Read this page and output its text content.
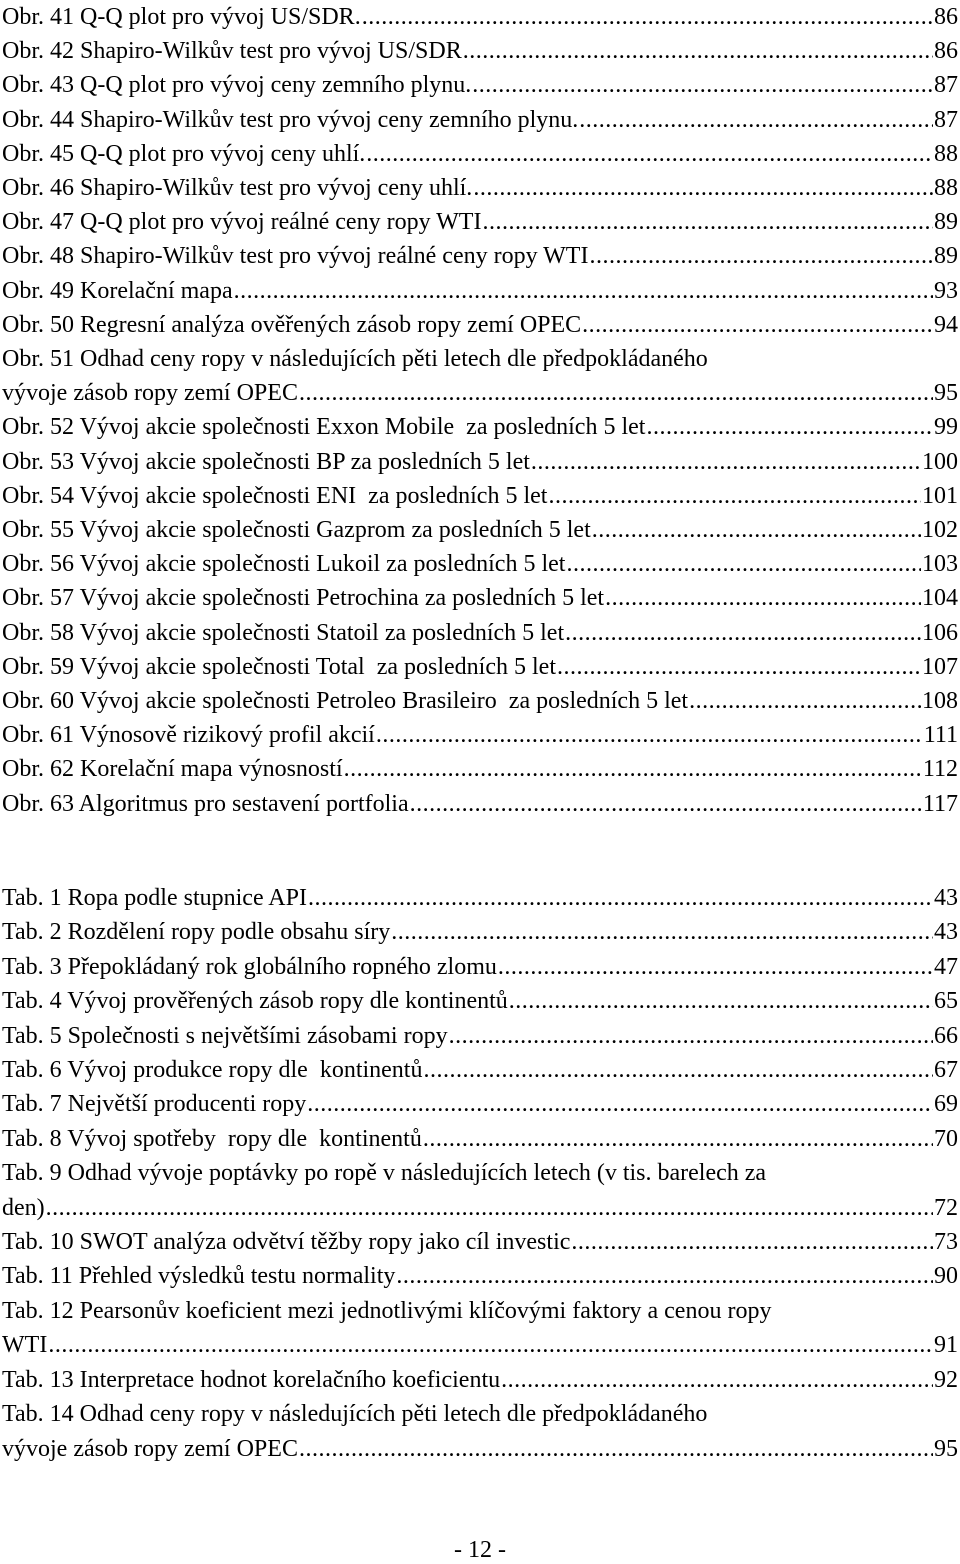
Obr. 41 Q-Q plot pro vývoj US/SDR. .....	86
Obr. 42 Shapiro-Wilkův test pro vývoj US/SDR .....	86
Obr. 43 Q-Q plot pro vývoj ceny zemního plynu. .....	87
Obr. 44 Shapiro-Wilkův test pro vývoj ceny zemního plynu. .....	87
Obr. 45 Q-Q plot pro vývoj ceny uhlí. .....	88
Obr. 46 Shapiro-Wilkův test pro vývoj ceny uhlí. .....	88
Obr. 47 Q-Q plot pro vývoj reálné ceny ropy WTI .....	89
Obr. 48 Shapiro-Wilkův test pro vývoj reálné ceny ropy WTI .....	89
Obr. 49 Korelační mapa .....	93
Obr. 50 Regresní analýza ověřených zásob ropy zemí OPEC .....	94
Obr. 51 Odhad ceny ropy v následujících pěti letech dle předpokládaného
vývoje zásob ropy zemí OPEC .....	95
Obr. 52 Vývoj akcie společnosti Exxon Mobile  za posledních 5 let .....	99
Obr. 53 Vývoj akcie společnosti BP za posledních 5 let .....	100
Obr. 54 Vývoj akcie společnosti ENI  za posledních 5 let .....	101
Obr. 55 Vývoj akcie společnosti Gazprom za posledních 5 let .....	102
Obr. 56 Vývoj akcie společnosti Lukoil za posledních 5 let .....	103
Obr. 57 Vývoj akcie společnosti Petrochina za posledních 5 let .....	104
Obr. 58 Vývoj akcie společnosti Statoil za posledních 5 let .....	106
Obr. 59 Vývoj akcie společnosti Total  za posledních 5 let .....	107
Obr. 60 Vývoj akcie společnosti Petroleo Brasileiro  za posledních 5 let .....	108
Obr. 61 Výnosově rizikový profil akcií .....	111
Obr. 62 Korelační mapa výnosností .....	112
Obr. 63 Algoritmus pro sestavení portfolia .....	117
Tab. 1 Ropa podle stupnice API .....	43
Tab. 2 Rozdělení ropy podle obsahu síry .....	43
Tab. 3 Přepokládaný rok globálního ropného zlomu .....	47
Tab. 4 Vývoj prověřených zásob ropy dle kontinentů .....	65
Tab. 5 Společnosti s největšími zásobami ropy .....	66
Tab. 6 Vývoj produkce ropy dle  kontinentů .....	67
Tab. 7 Největší producenti ropy .....	69
Tab. 8 Vývoj spotřeby  ropy dle  kontinentů .....	70
Tab. 9 Odhad vývoje poptávky po ropě v následujících letech (v tis. barelech za
den) .....	72
Tab. 10 SWOT analýza odvětví těžby ropy jako cíl investic .....	73
Tab. 11 Přehled výsledků testu normality .....	90
Tab. 12 Pearsonův koeficient mezi jednotlivými klíčovými faktory a cenou ropy
WTI .....	91
Tab. 13 Interpretace hodnot korelačního koeficientu .....	92
Tab. 14 Odhad ceny ropy v následujících pěti letech dle předpokládaného
vývoje zásob ropy zemí OPEC .....	95
- 12 -
